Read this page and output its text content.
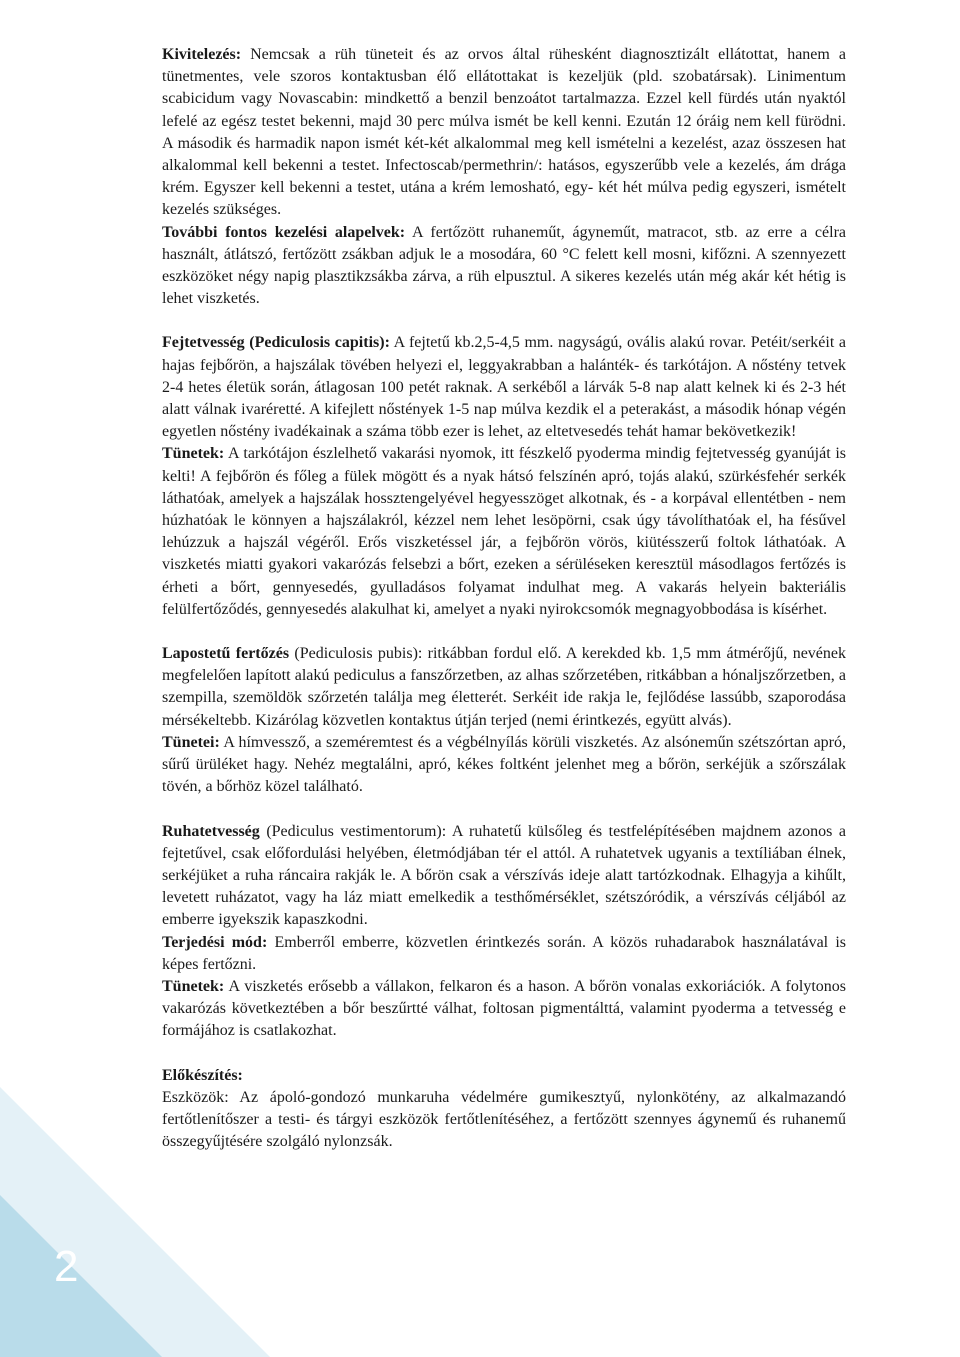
2

Kivitelezés: Nemcsak a rüh tüneteit és az orvos által rühesként diagnosztizált ellátottat, hanem a tünetmentes, vele szoros kontaktusban élő ellátottakat is kezeljük (pld. szobatársak). Linimentum scabicidum vagy Novascabin: mindkettő a benzil benzoátot tartalmazza. Ezzel kell fürdés után nyaktól lefelé az egész testet bekenni, majd 30 perc múlva ismét be kell kenni. Ezután 12 óráig nem kell fürödni. A második és harmadik napon ismét két-két alkalommal meg kell ismételni a kezelést, azaz összesen hat alkalommal kell bekenni a testet. Infectoscab/permethrin/: hatásos, egyszerűbb vele a kezelés, ám drága krém. Egyszer kell bekenni a testet, utána a krém lemosható, egy- két hét múlva pedig egyszeri, ismételt kezelés szükséges.

További fontos kezelési alapelvek: A fertőzött ruhaneműt, ágyneműt, matracot, stb. az erre a célra használt, átlátszó, fertőzött zsákban adjuk le a mosodára, 60 °C felett kell mosni, kifőzni. A szennyezett eszközöket négy napig plasztikzsákba zárva, a rüh elpusztul. A sikeres kezelés után még akár két hétig is lehet viszketés.

Fejtetvesség (Pediculosis capitis): A fejtetű kb.2,5-4,5 mm. nagyságú, ovális alakú rovar. Petéit/serkéit a hajas fejbőrön, a hajszálak tövében helyezi el, leggyakrabban a halánték- és tarkótájon. A nőstény tetvek 2-4 hetes életük során, átlagosan 100 petét raknak. A serkéből a lárvák 5-8 nap alatt kelnek ki és 2-3 hét alatt válnak ivaréretté. A kifejlett nőstények 1-5 nap múlva kezdik el a peterakást, a második hónap végén egyetlen nőstény ivadékainak a száma több ezer is lehet, az eltetvesedés tehát hamar bekövetkezik!

Tünetek: A tarkótájon észlelhető vakarási nyomok, itt fészkelő pyoderma mindig fejtetvesség gyanúját is kelti! A fejbőrön és főleg a fülek mögött és a nyak hátsó felszínén apró, tojás alakú, szürkésfehér serkék láthatóak, amelyek a hajszálak hossztengelyével hegyesszöget alkotnak, és - a korpával ellentétben - nem húzhatóak le könnyen a hajszálakról, kézzel nem lehet lesöpörni, csak úgy távolíthatóak el, ha fésűvel lehúzzuk a hajszál végéről. Erős viszketéssel jár, a fejbőrön vörös, kiütésszerű foltok láthatóak. A viszketés miatti gyakori vakarózás felsebzi a bőrt, ezeken a sérüléseken keresztül másodlagos fertőzés is érheti a bőrt, gennyesedés, gyulladásos folyamat indulhat meg. A vakarás helyein bakteriális felülfertőződés, gennyesedés alakulhat ki, amelyet a nyaki nyirokcsomók megnagyobbodása is kísérhet.

Lapostetű fertőzés (Pediculosis pubis): ritkábban fordul elő. A kerekded kb. 1,5 mm átmérőjű, nevének megfelelően lapított alakú pediculus a fanszőrzetben, az alhas szőrzetében, ritkábban a hónaljszőrzetben, a szempilla, szemöldök szőrzetén találja meg életterét. Serkéit ide rakja le, fejlődése lassúbb, szaporodása mérsékeltebb. Kizárólag közvetlen kontaktus útján terjed (nemi érintkezés, együtt alvás).

Tünetei: A hímvessző, a szeméremtest és a végbélnyílás körüli viszketés. Az alsóneműn szétszórtan apró, sűrű ürüléket hagy. Nehéz megtalálni, apró, kékes foltként jelenhet meg a bőrön, serkéjük a szőrszálak tövén, a bőrhöz közel található.

Ruhatetvesség (Pediculus vestimentorum): A ruhatetű külsőleg és testfelépítésében majdnem azonos a fejtetűvel, csak előfordulási helyében, életmódjában tér el attól. A ruhatetvek ugyanis a textíliában élnek, serkéjüket a ruha ráncaira rakják le. A bőrön csak a vérszívás ideje alatt tartózkodnak. Elhagyja a kihűlt, levetett ruházatot, vagy ha láz miatt emelkedik a testhőmérséklet, szétszóródik, a vérszívás céljából az emberre igyekszik kapaszkodni.

Terjedési mód: Emberről emberre, közvetlen érintkezés során. A közös ruhadarabok használatával is képes fertőzni.

Tünetek: A viszketés erősebb a vállakon, felkaron és a hason. A bőrön vonalas exkoriációk. A folytonos vakarózás következtében a bőr beszűrtté válhat, foltosan pigmentálttá, valamint pyoderma a tetvesség e formájához is csatlakozhat.

Előkészítés:

Eszközök: Az ápoló-gondozó munkaruha védelmére gumikesztyű, nylonkötény, az alkalmazandó fertőtlenítőszer a testi- és tárgyi eszközök fertőtlenítéséhez, a fertőzött szennyes ágynemű és ruhanemű összegyűjtésére szolgáló nylonzsák.
